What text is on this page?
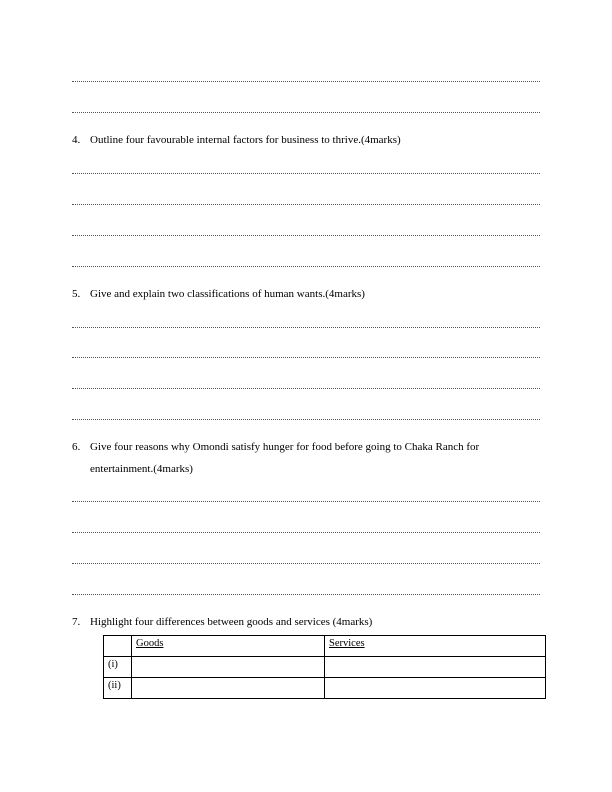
4. Outline four favourable internal factors for business to thrive.(4marks)
5. Give and explain two classifications of human wants.(4marks)
6. Give four reasons why Omondi satisfy hunger for food before going to Chaka Ranch for
entertainment.(4marks)
7. Highlight four differences between goods and services (4marks)
	Goods	Services
(i)		
(ii)		
